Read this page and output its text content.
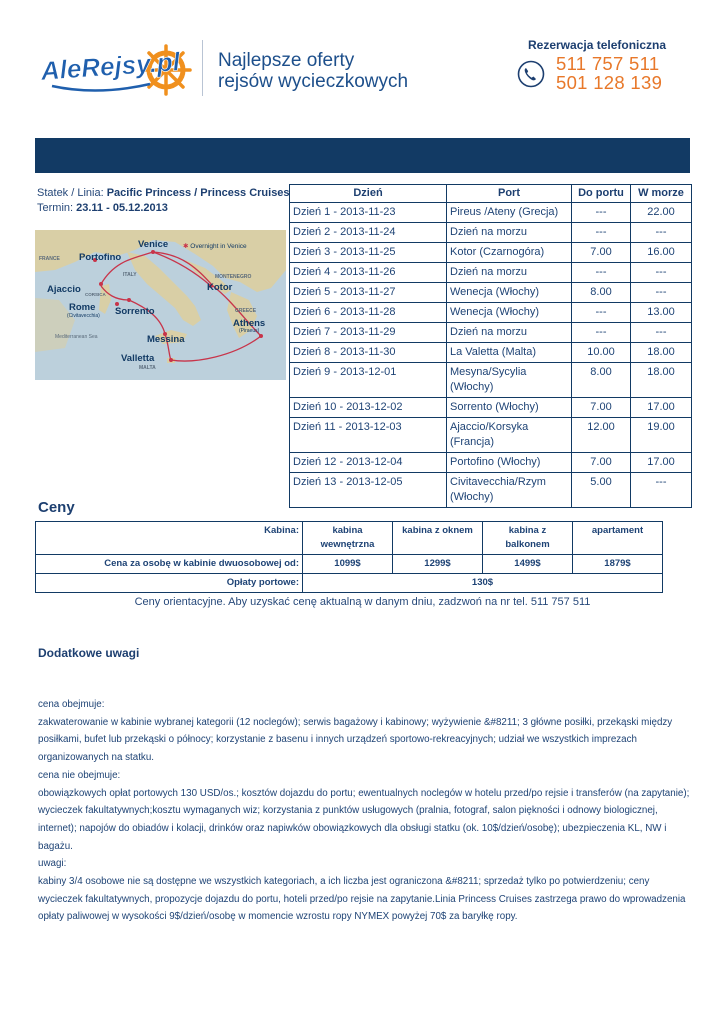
AleRejsy.pl Najlepsze oferty
rejsów wycieczkowych
Rezerwacja telefoniczna
511 757 511
501 128 139
Statek / Linia: Pacific Princess / Princess Cruises
Termin: 23.11 - 05.12.2013
Venice ✱ Overnight in Venice
Portofino
FRANCE
ITALY	MONTENEGRO
Kotor
Ajaccio CORSICA
Rome
(Civitavecchia) Sorrento	GREECE
Athens
(Piraeus)
Mediterranean Sea	Messina
Valletta
MALTA
Dzień	Port	Do portu	W morze
Dzień 1 - 2013-11-23	Pireus /Ateny (Grecja)	---	22.00
Dzień 2 - 2013-11-24	Dzień na morzu	---	---
Dzień 3 - 2013-11-25	Kotor (Czarnogóra)	7.00	16.00
Dzień 4 - 2013-11-26	Dzień na morzu	---	---
Dzień 5 - 2013-11-27	Wenecja (Włochy)	8.00	---
Dzień 6 - 2013-11-28	Wenecja (Włochy)	---	13.00
Dzień 7 - 2013-11-29	Dzień na morzu	---	---
Dzień 8 - 2013-11-30	La Valetta (Malta)	10.00	18.00
Dzień 9 - 2013-12-01	Mesyna/Sycylia
(Włochy)	8.00	18.00
Dzień 10 - 2013-12-02	Sorrento (Włochy)	7.00	17.00
Dzień 11 - 2013-12-03	Ajaccio/Korsyka
(Francja)	12.00	19.00
Dzień 12 - 2013-12-04	Portofino (Włochy)	7.00	17.00
Dzień 13 - 2013-12-05	Civitavecchia/Rzym
(Włochy)	5.00	---
Ceny
Kabina:	kabina wewnętrzna	kabina z oknem	kabina z balkonem	apartament
Cena za osobę w kabinie dwuosobowej od:	1099$	1299$	1499$	1879$
Opłaty portowe:	130$			
Ceny orientacyjne. Aby uzyskać cenę aktualną w danym dniu, zadzwoń na nr tel. 511 757 511
Dodatkowe uwagi
cena obejmuje:
zakwaterowanie w kabinie wybranej kategorii (12 noclegów); serwis bagażowy i kabinowy; wyżywienie &#8211; 3 główne posiłki, przekąski między
posiłkami, bufet lub przekąski o północy; korzystanie z basenu i innych urządzeń sportowo-rekreacyjnych; udział we wszystkich imprezach
organizowanych na statku.
cena nie obejmuje:
obowiązkowych opłat portowych 130 USD/os.; kosztów dojazdu do portu; ewentualnych noclegów w hotelu przed/po rejsie i transferów (na zapytanie);
wycieczek fakultatywnych;kosztu wymaganych wiz; korzystania z punktów usługowych (pralnia, fotograf, salon piękności i odnowy biologicznej,
internet); napojów do obiadów i kolacji, drinków oraz napiwków obowiązkowych dla obsługi statku (ok. 10$/dzień/osobę); ubezpieczenia KL, NW i
bagażu.
uwagi:
kabiny 3/4 osobowe nie są dostępne we wszystkich kategoriach, a ich liczba jest ograniczona &#8211; sprzedaż tylko po potwierdzeniu; ceny
wycieczek fakultatywnych, propozycje dojazdu do portu, hoteli przed/po rejsie na zapytanie.Linia Princess Cruises zastrzega prawo do wprowadzenia
opłaty paliwowej w wysokości 9$/dzień/osobę w momencie wzrostu ropy NYMEX powyżej 70$ za baryłkę ropy.
